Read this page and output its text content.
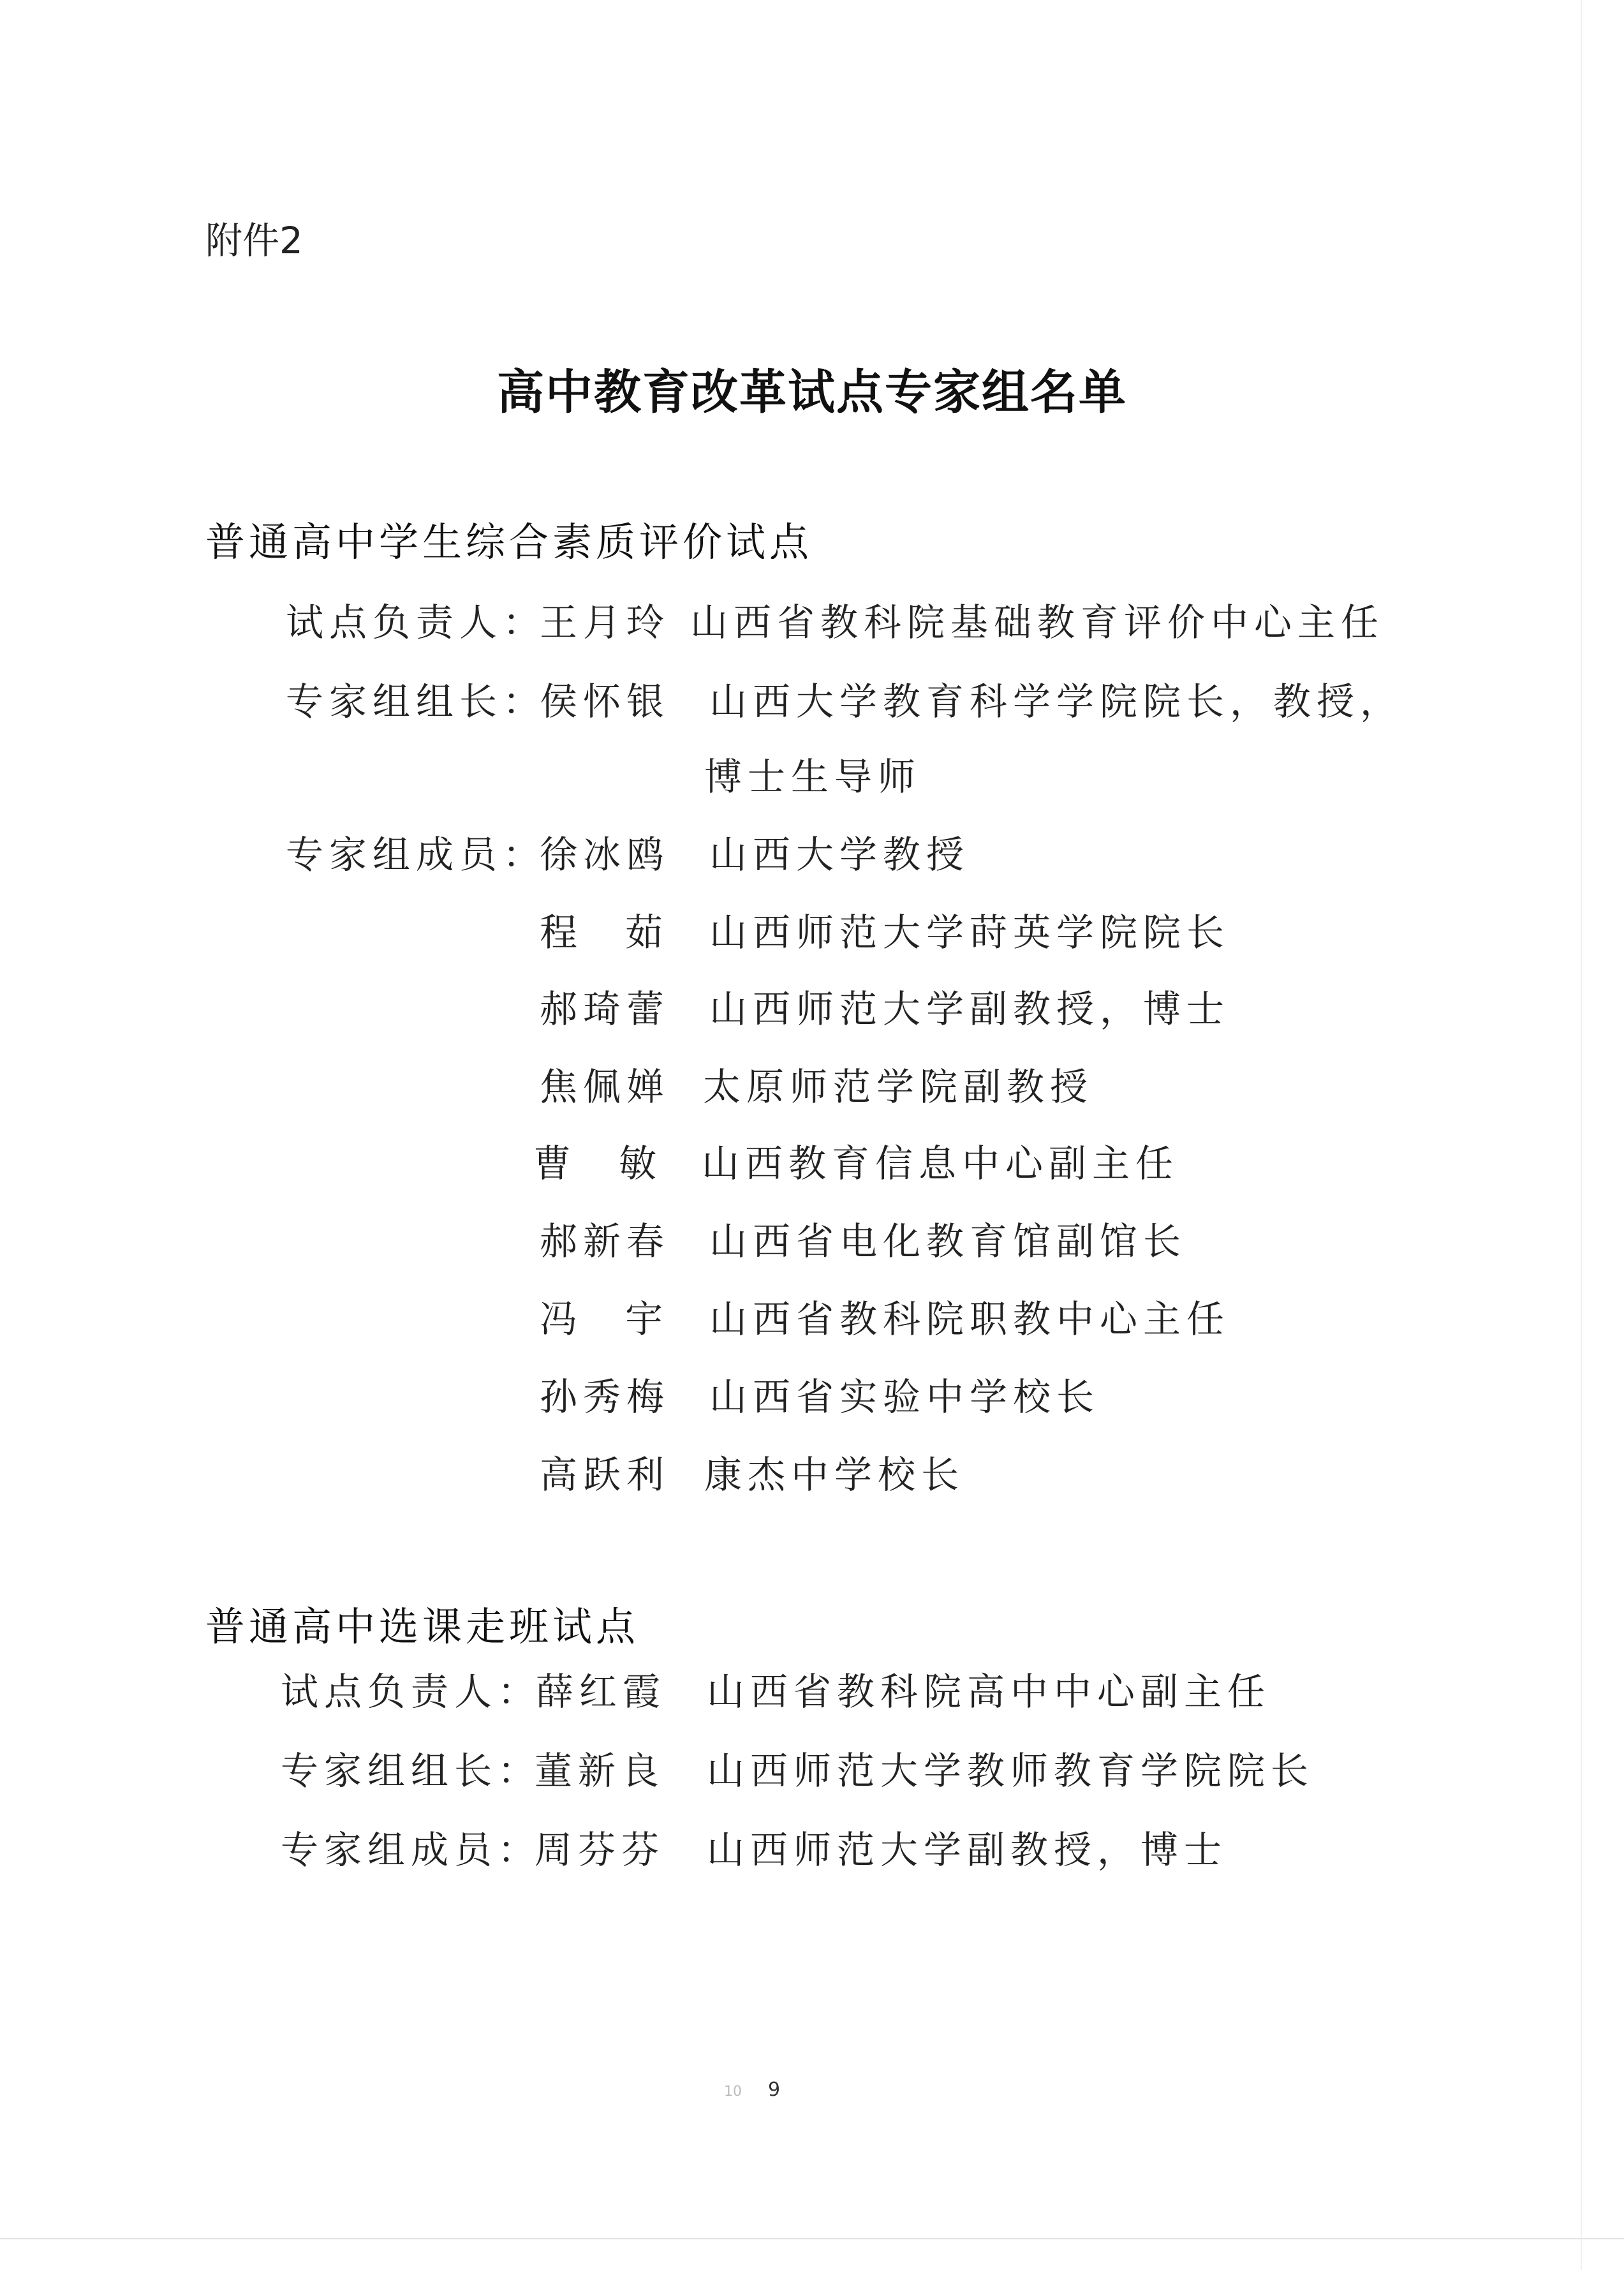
附件2
高中教育改革试点专家组名单
普通高中学生综合素质评价试点
试点负责人：
王月玲 山西省教科院基础教育评价中心主任
专家组组长：
侯怀银 山西大学教育科学学院院长，教授，
博士生导师
专家组成员：
徐冰鸥 山西大学教授
程　茹 山西师范大学莳英学院院长
郝琦蕾 山西师范大学副教授，博士
焦佩婵 太原师范学院副教授
曹　敏 山西教育信息中心副主任
郝新春 山西省电化教育馆副馆长
冯　宇 山西省教科院职教中心主任
孙秀梅 山西省实验中学校长
高跃利 康杰中学校长
普通高中选课走班试点
试点负责人：
薛红霞 山西省教科院高中中心副主任
专家组组长：
董新良 山西师范大学教师教育学院院长
专家组成员：
周芬芬 山西师范大学副教授，博士
10 9
